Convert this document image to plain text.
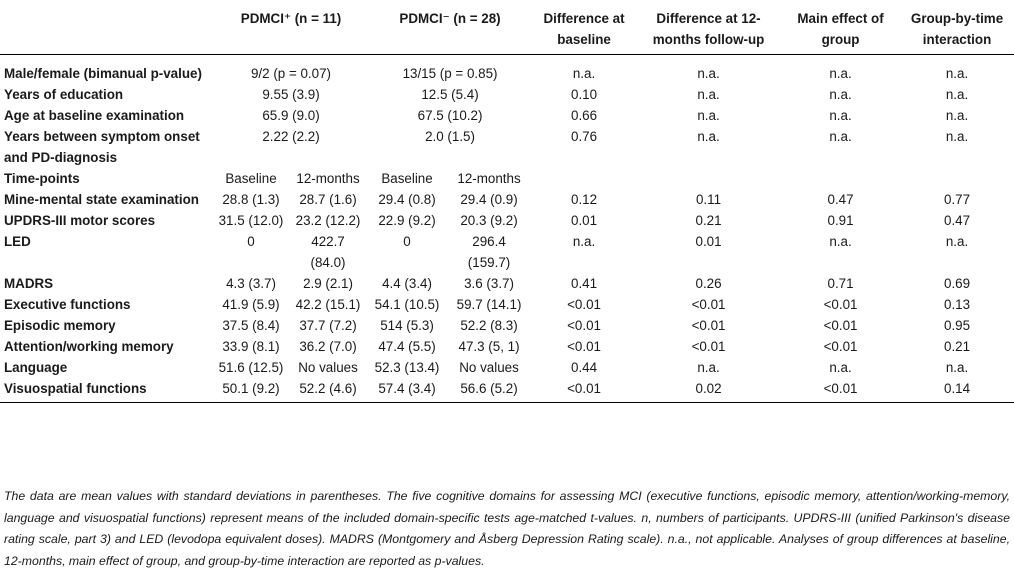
	PDMCI⁺ (n = 11)		PDMCI⁻ (n = 28)		Difference at baseline	Difference at 12-months follow-up	Main effect of group	Group-by-time interaction
Male/female (bimanual p-value)	9/2 (p = 0.07)		13/15 (p = 0.85)		n.a.	n.a.	n.a.	n.a.
Years of education	9.55 (3.9)		12.5 (5.4)		0.10	n.a.	n.a.	n.a.
Age at baseline examination	65.9 (9.0)		67.5 (10.2)		0.66	n.a.	n.a.	n.a.
Years between symptom onset and PD-diagnosis	2.22 (2.2)		2.0 (1.5)		0.76	n.a.	n.a.	n.a.
Time-points	Baseline	12-months	Baseline	12-months				
Mine-mental state examination	28.8 (1.3)	28.7 (1.6)	29.4 (0.8)	29.4 (0.9)	0.12	0.11	0.47	0.77
UPDRS-III motor scores	31.5 (12.0)	23.2 (12.2)	22.9 (9.2)	20.3 (9.2)	0.01	0.21	0.91	0.47
LED	0	422.7 (84.0)	0	296.4 (159.7)	n.a.	0.01	n.a.	n.a.
MADRS	4.3 (3.7)	2.9 (2.1)	4.4 (3.4)	3.6 (3.7)	0.41	0.26	0.71	0.69
Executive functions	41.9 (5.9)	42.2 (15.1)	54.1 (10.5)	59.7 (14.1)	<0.01	<0.01	<0.01	0.13
Episodic memory	37.5 (8.4)	37.7 (7.2)	514 (5.3)	52.2 (8.3)	<0.01	<0.01	<0.01	0.95
Attention/working memory	33.9 (8.1)	36.2 (7.0)	47.4 (5.5)	47.3 (5, 1)	<0.01	<0.01	<0.01	0.21
Language	51.6 (12.5)	No values	52.3 (13.4)	No values	0.44	n.a.	n.a.	n.a.
Visuospatial functions	50.1 (9.2)	52.2 (4.6)	57.4 (3.4)	56.6 (5.2)	<0.01	0.02	<0.01	0.14
The data are mean values with standard deviations in parentheses. The five cognitive domains for assessing MCI (executive functions, episodic memory, attention/working-memory, language and visuospatial functions) represent means of the included domain-specific tests age-matched t-values. n, numbers of participants. UPDRS-III (unified Parkinson's disease rating scale, part 3) and LED (levodopa equivalent doses). MADRS (Montgomery and Åsberg Depression Rating scale). n.a., not applicable. Analyses of group differences at baseline, 12-months, main effect of group, and group-by-time interaction are reported as p-values.
